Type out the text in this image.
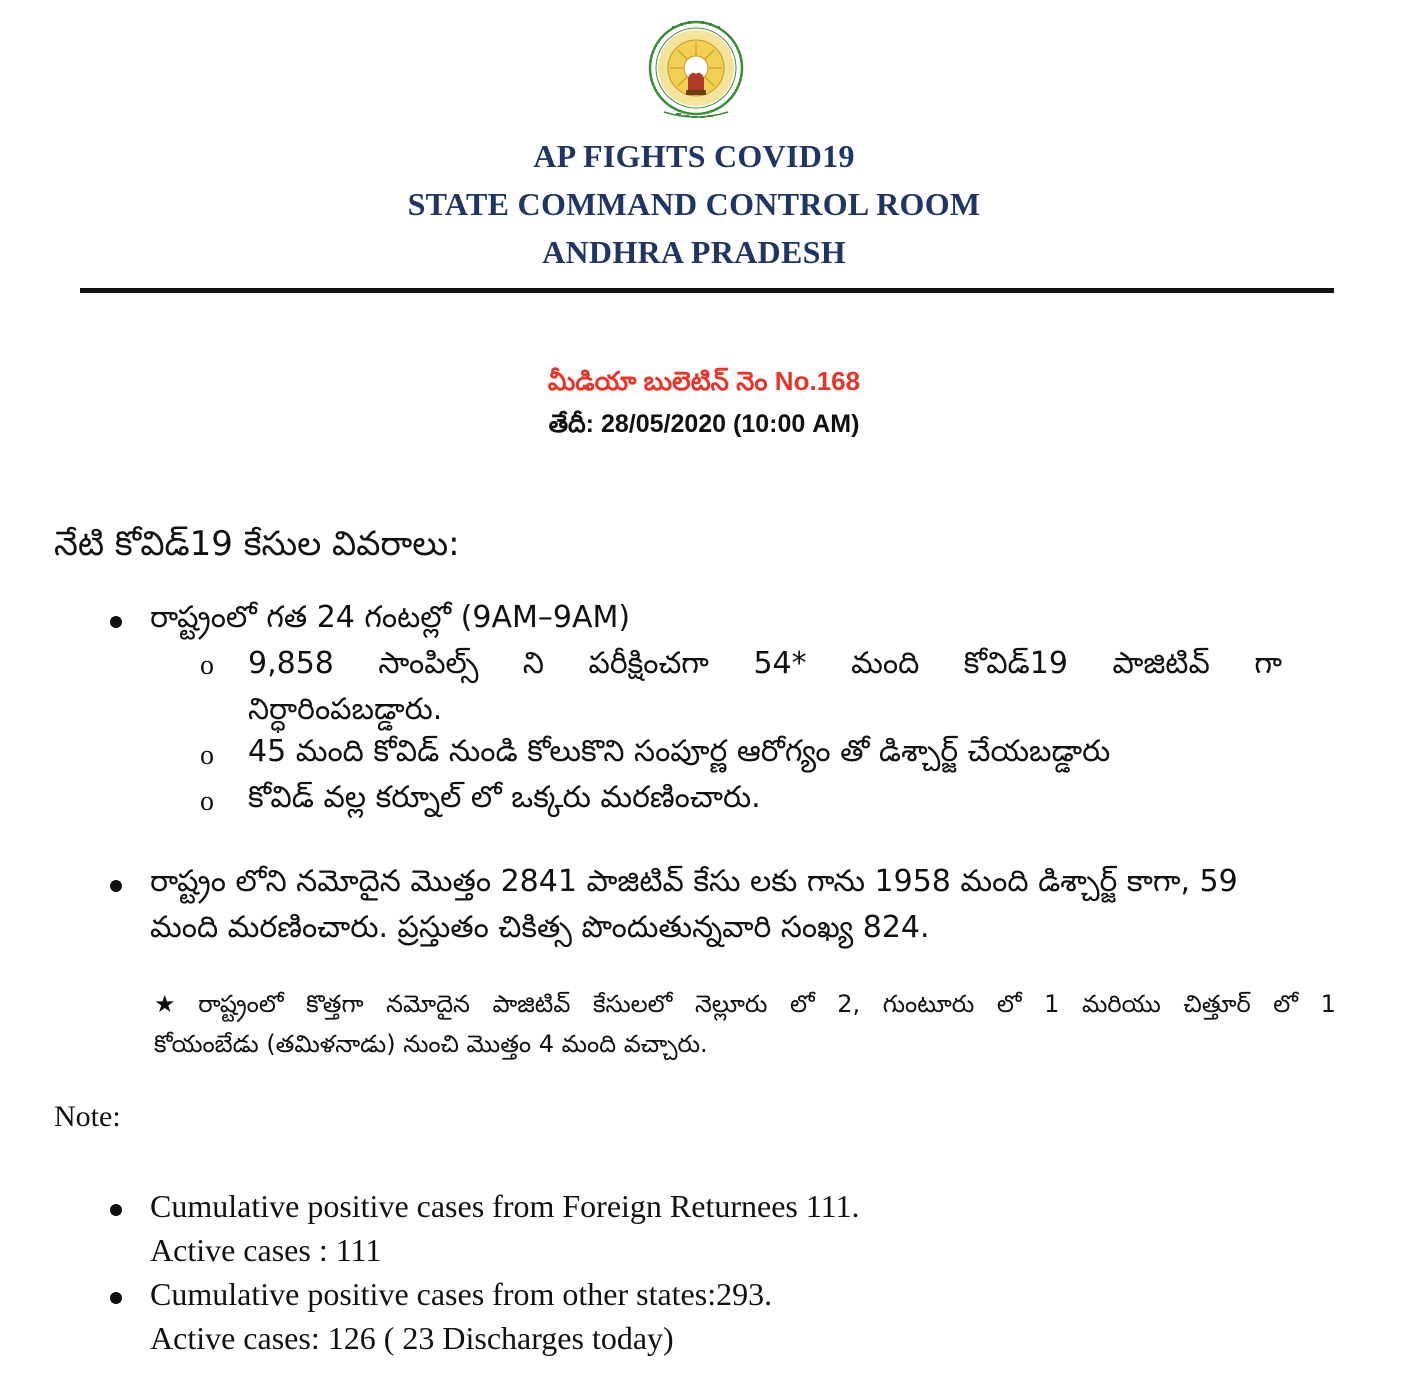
AP FIGHTS COVID19
STATE COMMAND CONTROL ROOM
ANDHRA PRADESH
మీడియా బులెటిన్ నెం No.168
తేదీ: 28/05/2020 (10:00 AM)
నేటి కోవిడ్19 కేసుల వివరాలు:
రాష్ట్రంలో గత 24 గంటల్లో (9AM–9AM)
o 9,858 సాంపిల్స్ ని పరీక్షించగా 54* మంది కోవిడ్19 పాజిటివ్ గా
నిర్ధారింపబడ్డారు.
o 45 మంది కోవిడ్ నుండి కోలుకొని సంపూర్ణ ఆరోగ్యం తో డిశ్చార్జ్ చేయబడ్డారు
o కోవిడ్ వల్ల కర్నూల్ లో ఒక్కరు మరణించారు.
రాష్ట్రం లోని నమోదైన మొత్తం 2841 పాజిటివ్ కేసు లకు గాను 1958 మంది డిశ్చార్జ్ కాగా, 59
మంది మరణించారు. ప్రస్తుతం చికిత్స పొందుతున్నవారి సంఖ్య 824.
★ రాష్ట్రంలో కొత్తగా నమోదైన పాజిటివ్ కేసులలో నెల్లూరు లో 2, గుంటూరు లో 1 మరియు చిత్తూర్ లో 1
కోయంబేడు (తమిళనాడు) నుంచి మొత్తం 4 మంది వచ్చారు.
Note:
Cumulative positive cases from Foreign Returnees 111.
Active cases : 111
Cumulative positive cases from other states:293.
Active cases: 126 ( 23 Discharges today)
